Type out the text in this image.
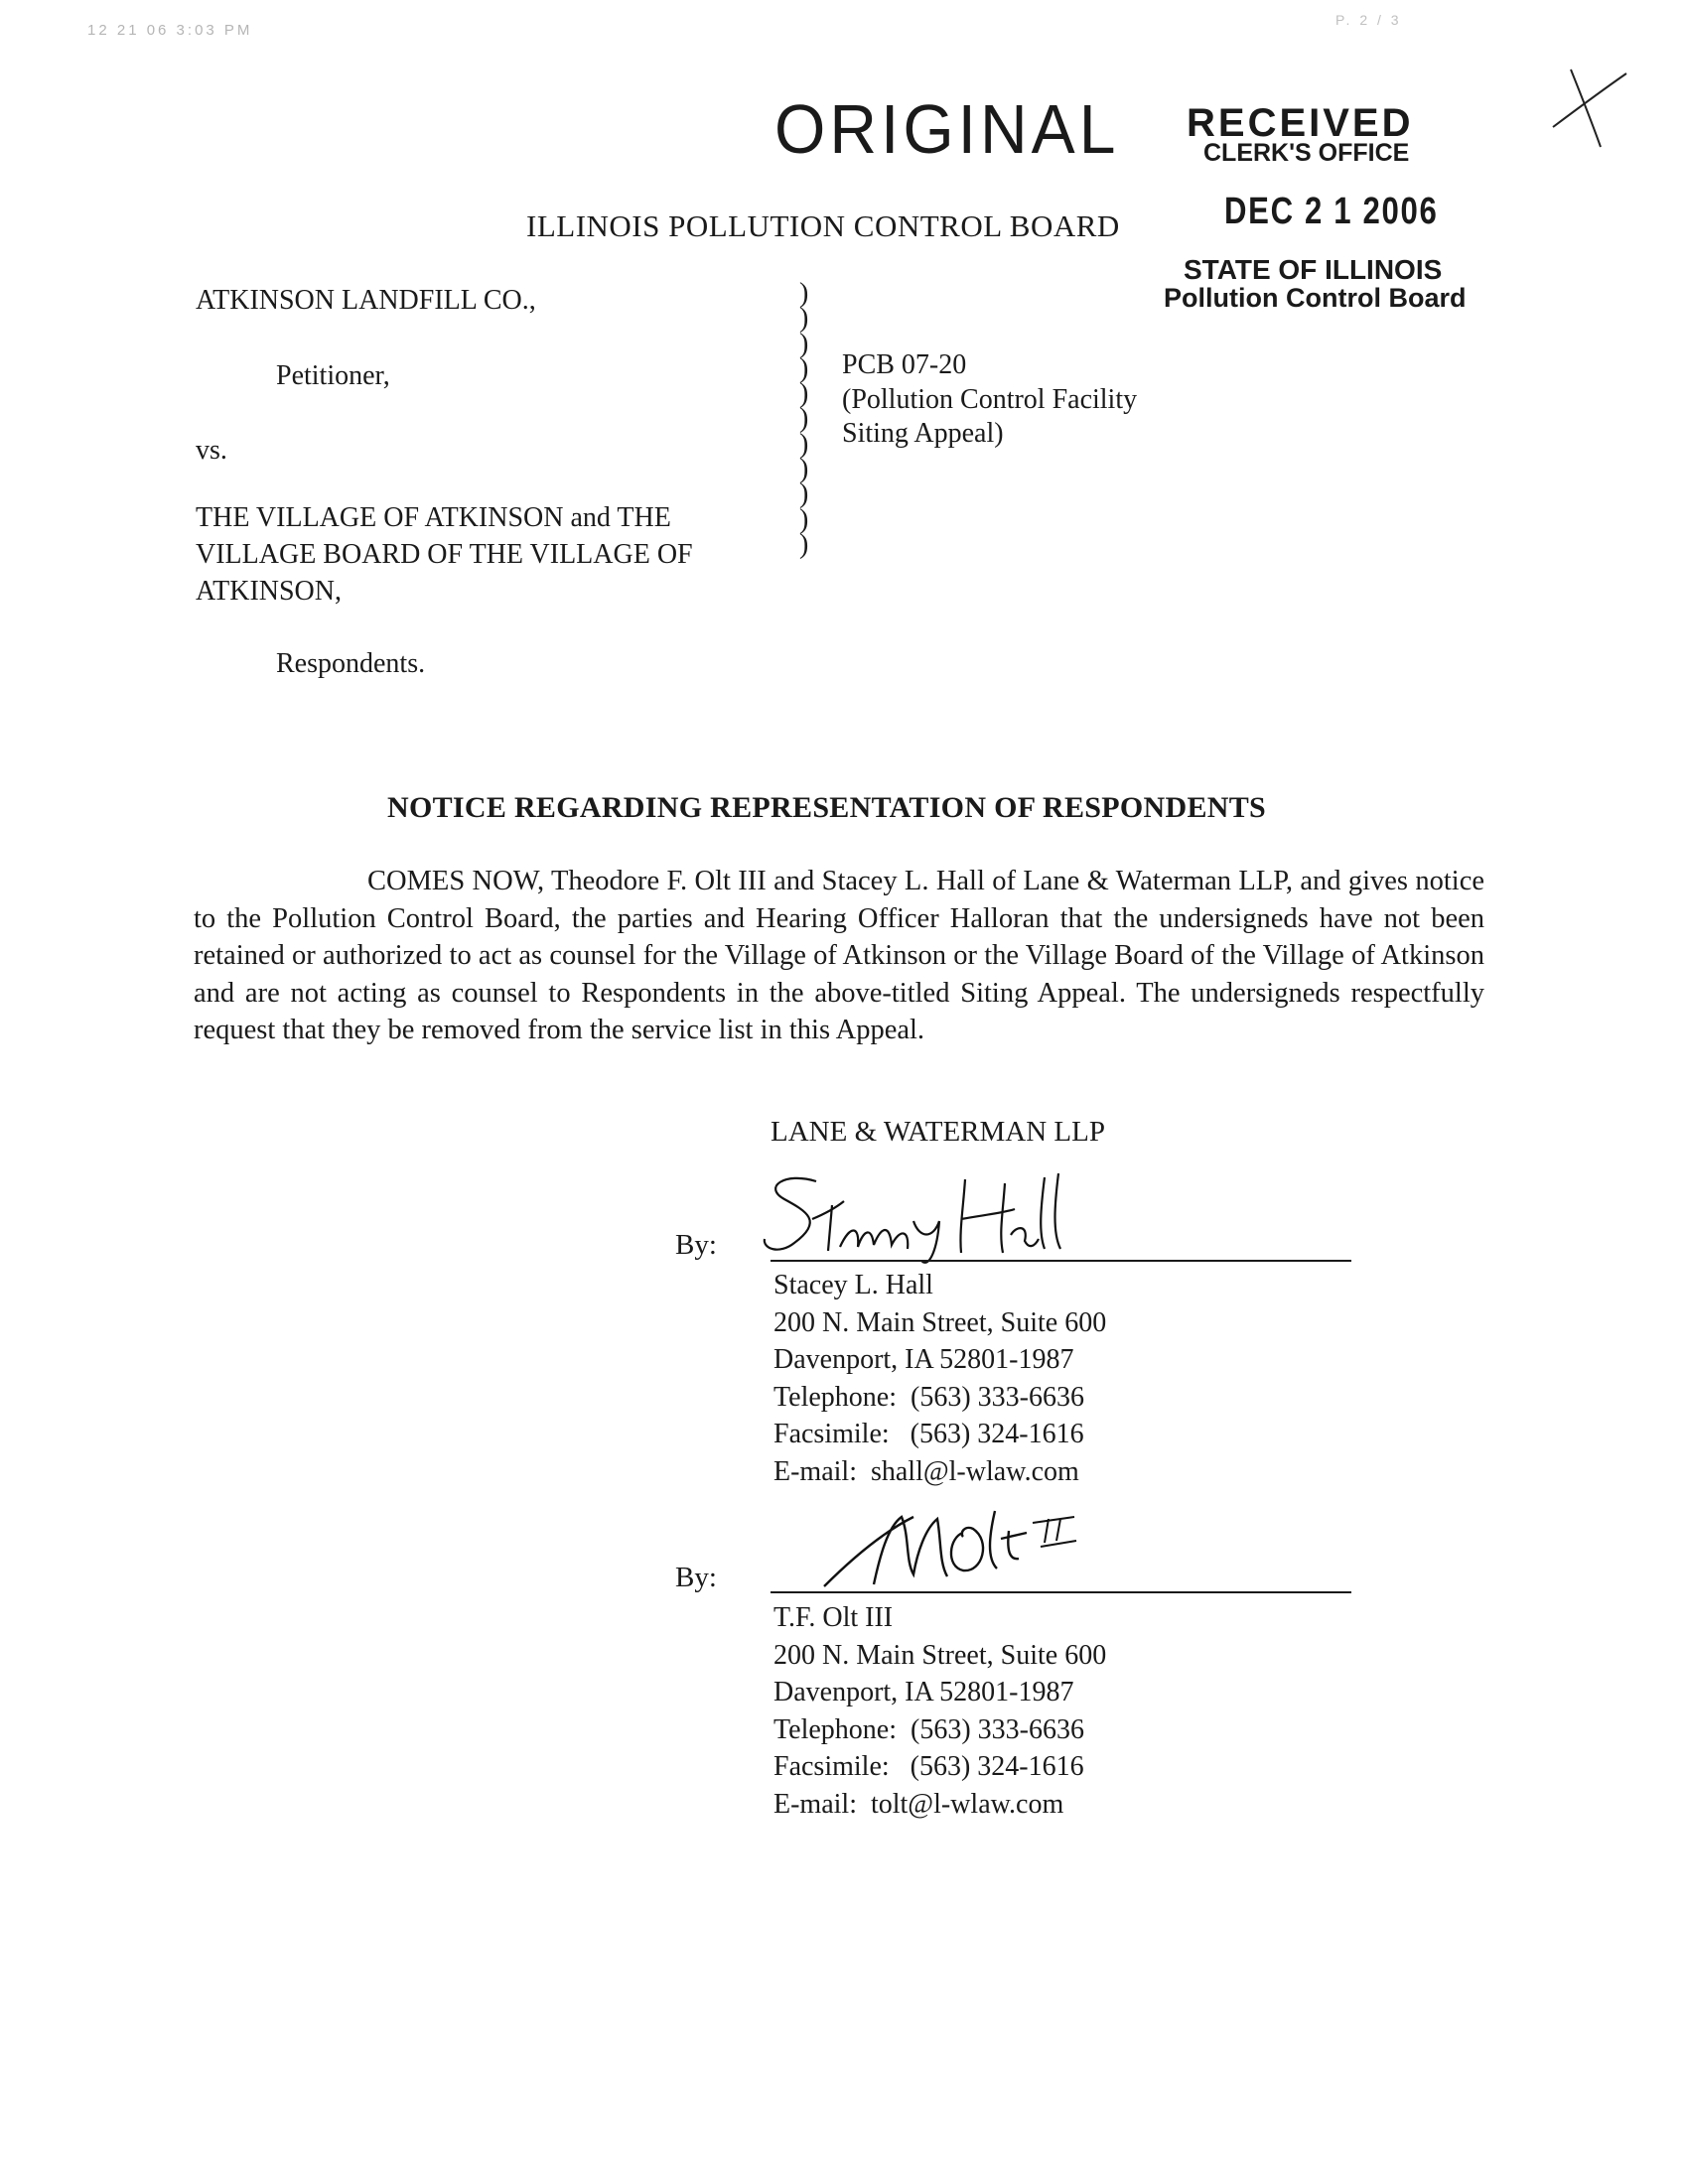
12 21 06 3:03 PM
P. 2 / 3
ORIGINAL RECEIVED
CLERK'S OFFICE
DEC 2 1 2006
STATE OF ILLINOIS
Pollution Control Board
ILLINOIS POLLUTION CONTROL BOARD
ATKINSON LANDFILL CO.,
Petitioner,
vs.
THE VILLAGE OF ATKINSON and THE VILLAGE BOARD OF THE VILLAGE OF ATKINSON,
Respondents.
)
)
)
)
)
)
)
)
)
)
)
PCB 07-20
(Pollution Control Facility
Siting Appeal)
NOTICE REGARDING REPRESENTATION OF RESPONDENTS

COMES NOW, Theodore F. Olt III and Stacey L. Hall of Lane & Waterman LLP, and gives notice to the Pollution Control Board, the parties and Hearing Officer Halloran that the undersigneds have not been retained or authorized to act as counsel for the Village of Atkinson or the Village Board of the Village of Atkinson and are not acting as counsel to Respondents in the above-titled Siting Appeal. The undersigneds respectfully request that they be removed from the service list in this Appeal.

LANE & WATERMAN LLP
By:
Stacey L. Hall
200 N. Main Street, Suite 600
Davenport, IA 52801-1987
Telephone:  (563) 333-6636
Facsimile:   (563) 324-1616
E-mail:  shall@l-wlaw.com
By:
T.F. Olt III
200 N. Main Street, Suite 600
Davenport, IA 52801-1987
Telephone:  (563) 333-6636
Facsimile:   (563) 324-1616
E-mail:  tolt@l-wlaw.com
